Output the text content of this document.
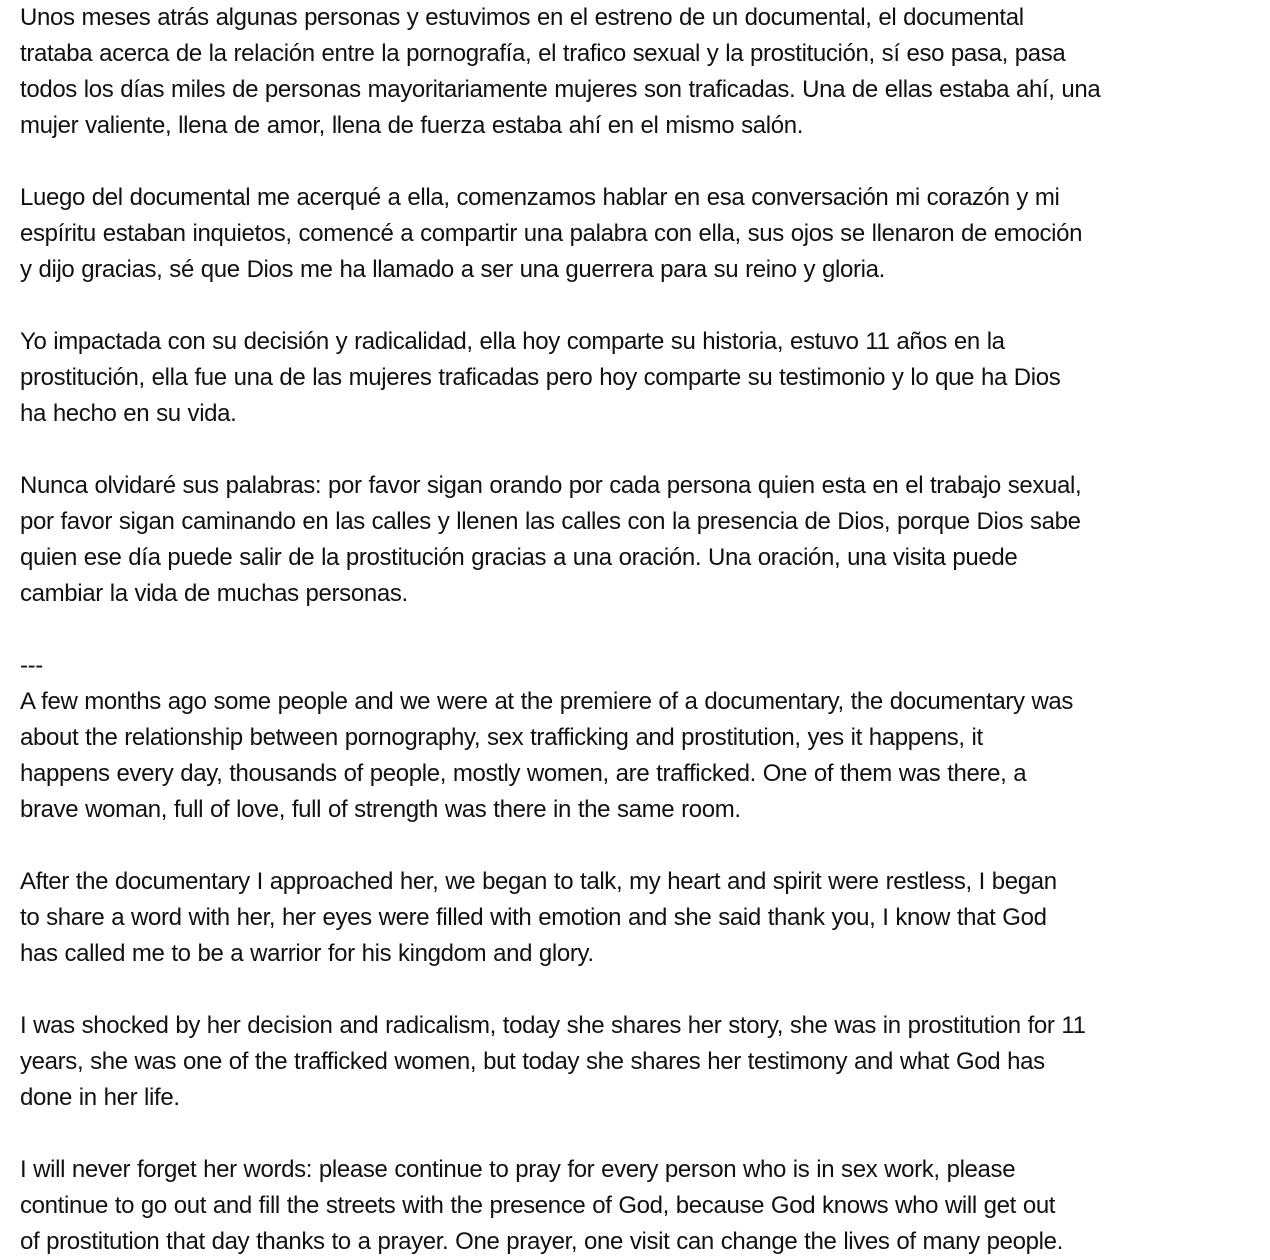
Unos meses atrás algunas personas y estuvimos en el estreno de un documental, el documental
trataba acerca de la relación entre la pornografía, el trafico sexual y la prostitución, sí eso pasa, pasa
todos los días miles de personas mayoritariamente mujeres son traficadas. Una de ellas estaba ahí, una
mujer valiente, llena de amor, llena de fuerza estaba ahí en el mismo salón.

Luego del documental me acerqué a ella, comenzamos hablar en esa conversación mi corazón y mi
espíritu estaban inquietos, comencé a compartir una palabra con ella, sus ojos se llenaron de emoción
y dijo gracias, sé que Dios me ha llamado a ser una guerrera para su reino y gloria.

Yo impactada con su decisión y radicalidad, ella hoy comparte su historia, estuvo 11 años en la
prostitución, ella fue una de las mujeres traficadas pero hoy comparte su testimonio y lo que ha Dios
ha hecho en su vida.

Nunca olvidaré sus palabras: por favor sigan orando por cada persona quien esta en el trabajo sexual,
por favor sigan caminando en las calles y llenen las calles con la presencia de Dios, porque Dios sabe
quien ese día puede salir de la prostitución gracias a una oración. Una oración, una visita puede
cambiar la vida de muchas personas.

---

A few months ago some people and we were at the premiere of a documentary, the documentary was
about the relationship between pornography, sex trafficking and prostitution, yes it happens, it
happens every day, thousands of people, mostly women, are trafficked. One of them was there, a
brave woman, full of love, full of strength was there in the same room.

After the documentary I approached her, we began to talk, my heart and spirit were restless, I began
to share a word with her, her eyes were filled with emotion and she said thank you, I know that God
has called me to be a warrior for his kingdom and glory.

I was shocked by her decision and radicalism, today she shares her story, she was in prostitution for 11
years, she was one of the trafficked women, but today she shares her testimony and what God has
done in her life.

I will never forget her words: please continue to pray for every person who is in sex work, please
continue to go out and fill the streets with the presence of God, because God knows who will get out
of prostitution that day thanks to a prayer. One prayer, one visit can change the lives of many people.
